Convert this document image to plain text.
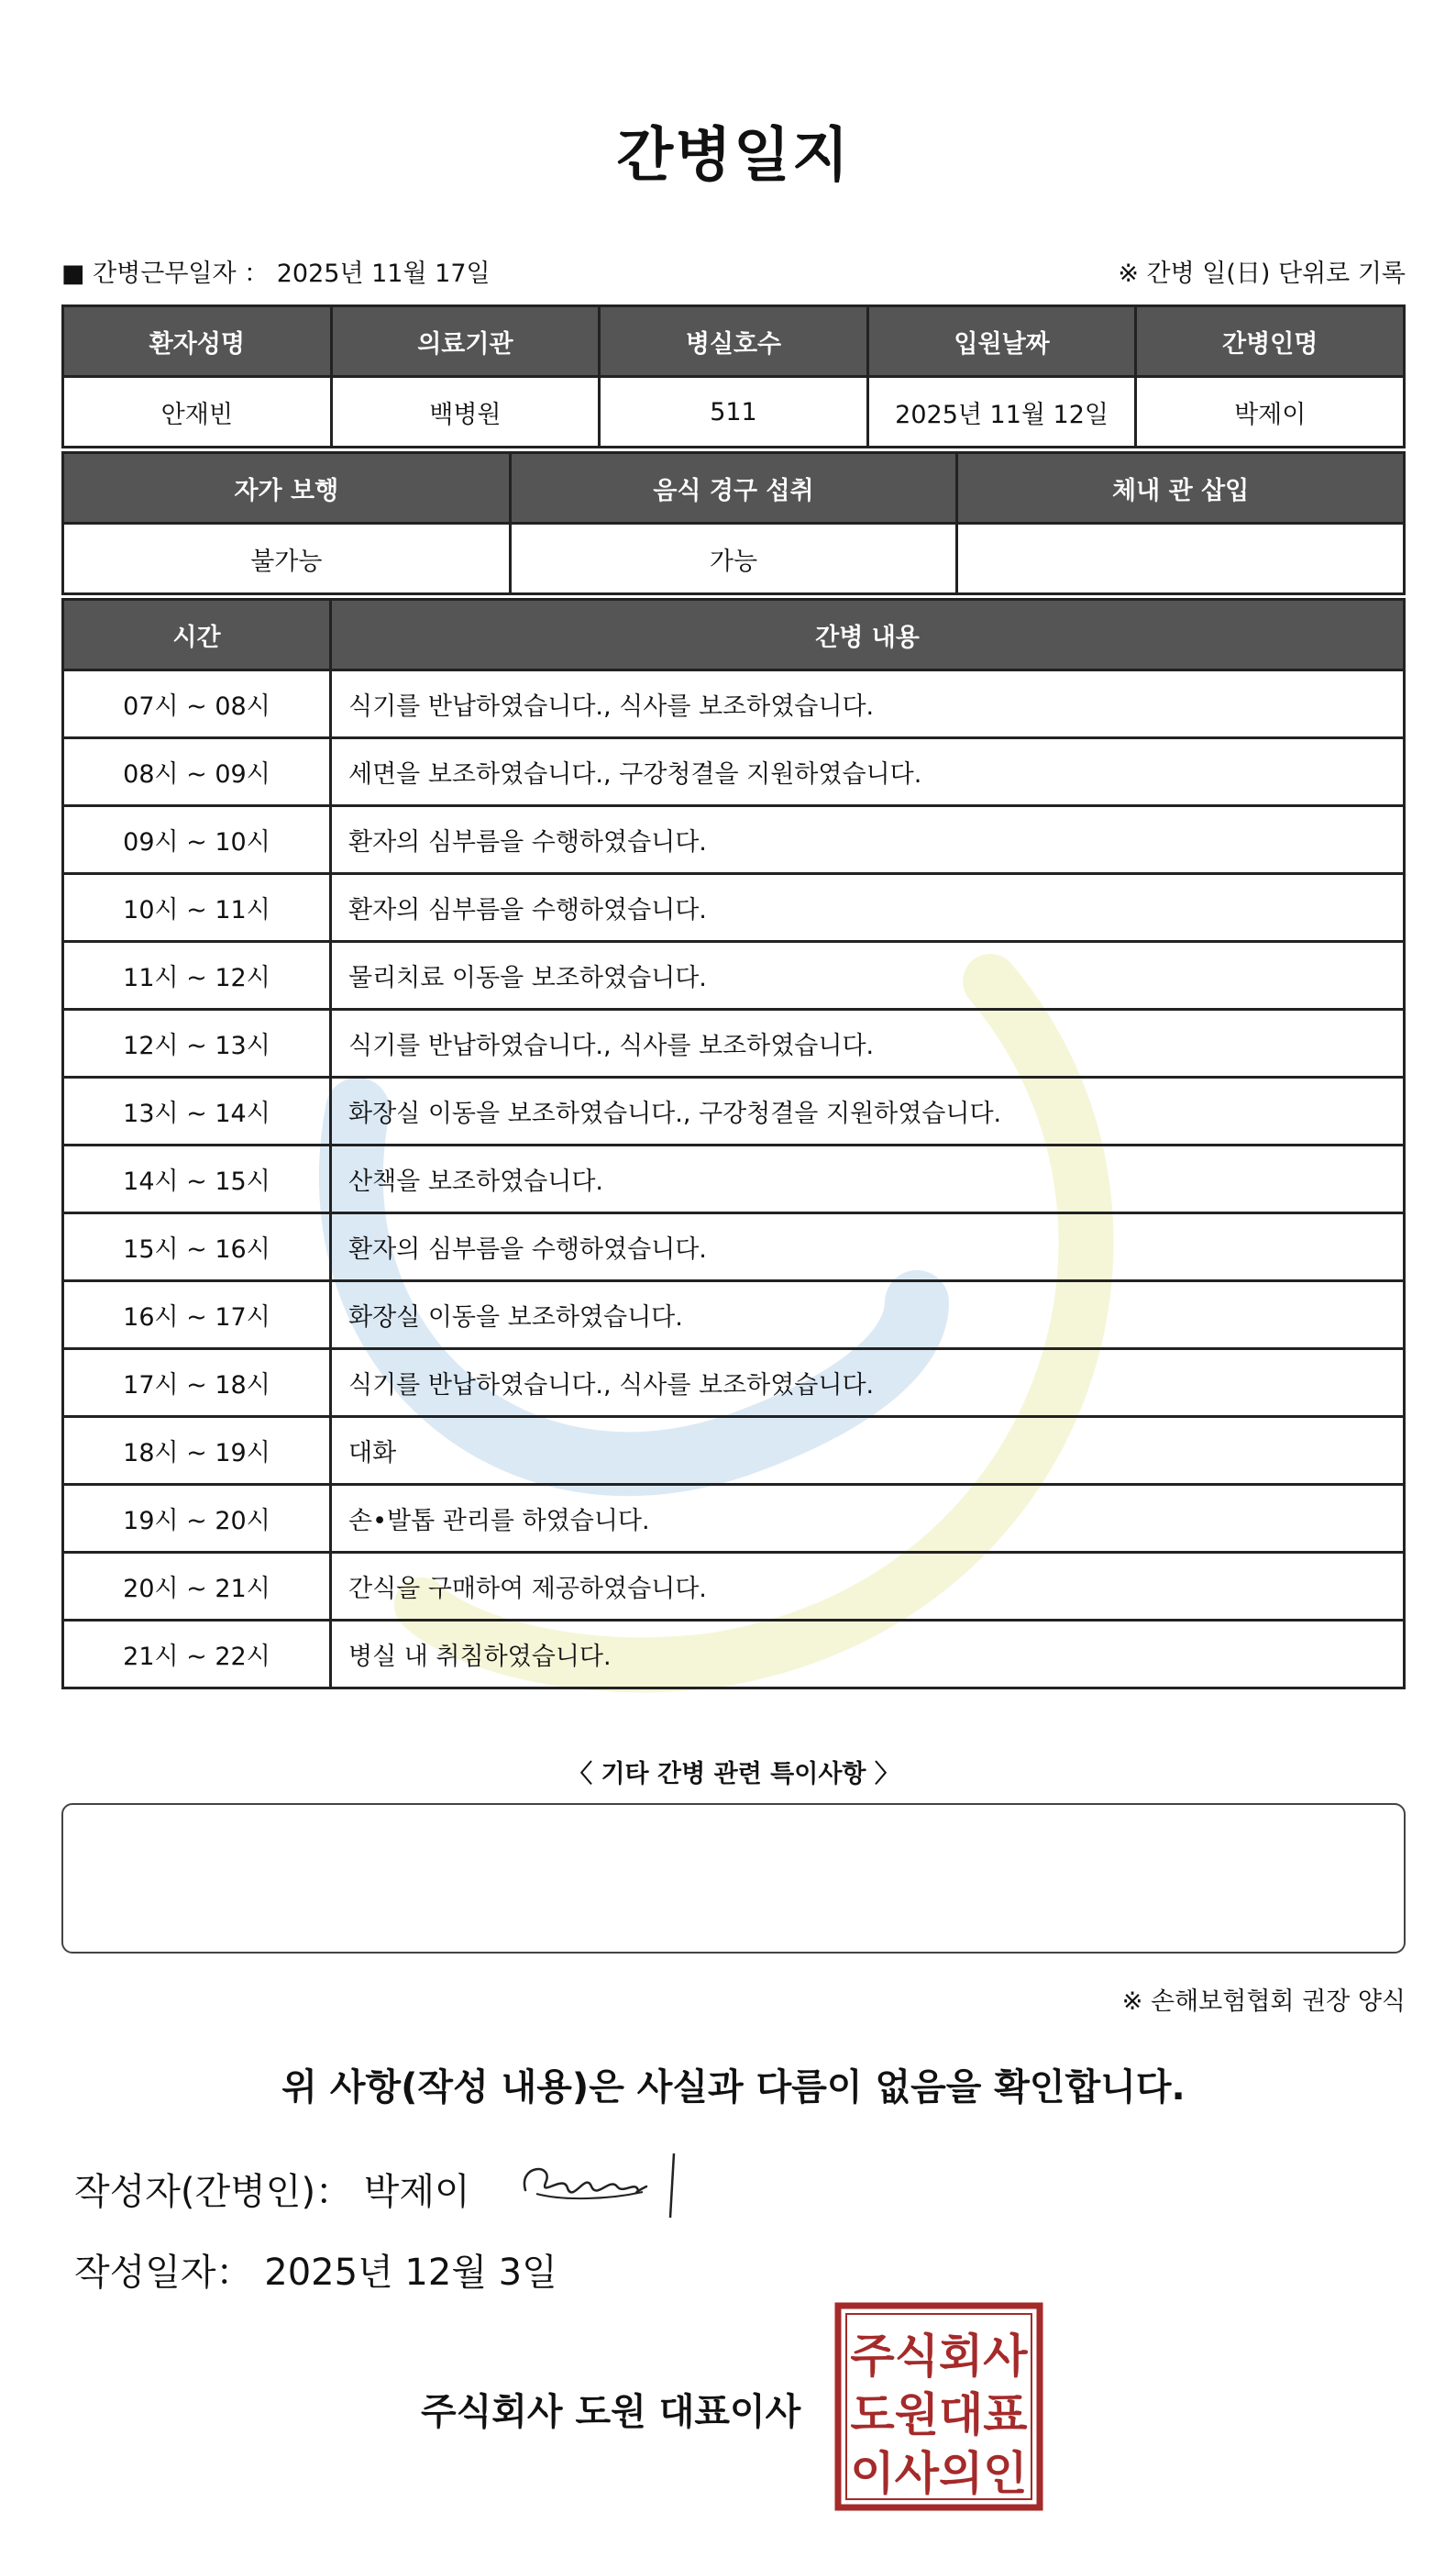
간병일지
■ 간병근무일자 ： 2025년 11월 17일	※ 간병 일(日) 단위로 기록
환자성명	의료기관	병실호수	입원날짜	간병인명
안재빈	백병원	511	2025년 11월 12일	박제이
자가 보행	음식 경구 섭취	체내 관 삽입
불가능	가능	
시간	간병 내용
07시 ~ 08시	식기를 반납하였습니다., 식사를 보조하였습니다.
08시 ~ 09시	세면을 보조하였습니다., 구강청결을 지원하였습니다.
09시 ~ 10시	환자의 심부름을 수행하였습니다.
10시 ~ 11시	환자의 심부름을 수행하였습니다.
11시 ~ 12시	물리치료 이동을 보조하였습니다.
12시 ~ 13시	식기를 반납하였습니다., 식사를 보조하였습니다.
13시 ~ 14시	화장실 이동을 보조하였습니다., 구강청결을 지원하였습니다.
14시 ~ 15시	산책을 보조하였습니다.
15시 ~ 16시	환자의 심부름을 수행하였습니다.
16시 ~ 17시	화장실 이동을 보조하였습니다.
17시 ~ 18시	식기를 반납하였습니다., 식사를 보조하였습니다.
18시 ~ 19시	대화
19시 ~ 20시	손•발톱 관리를 하였습니다.
20시 ~ 21시	간식을 구매하여 제공하였습니다.
21시 ~ 22시	병실 내 취침하였습니다.
〈 기타 간병 관련 특이사항 〉
※ 손해보험협회 권장 양식
위 사항(작성 내용)은 사실과 다름이 없음을 확인합니다.
작성자(간병인)： 박제이
작성일자： 2025년 12월 3일
주식회사 도원 대표이사
주식회사
도원대표
이사의인
